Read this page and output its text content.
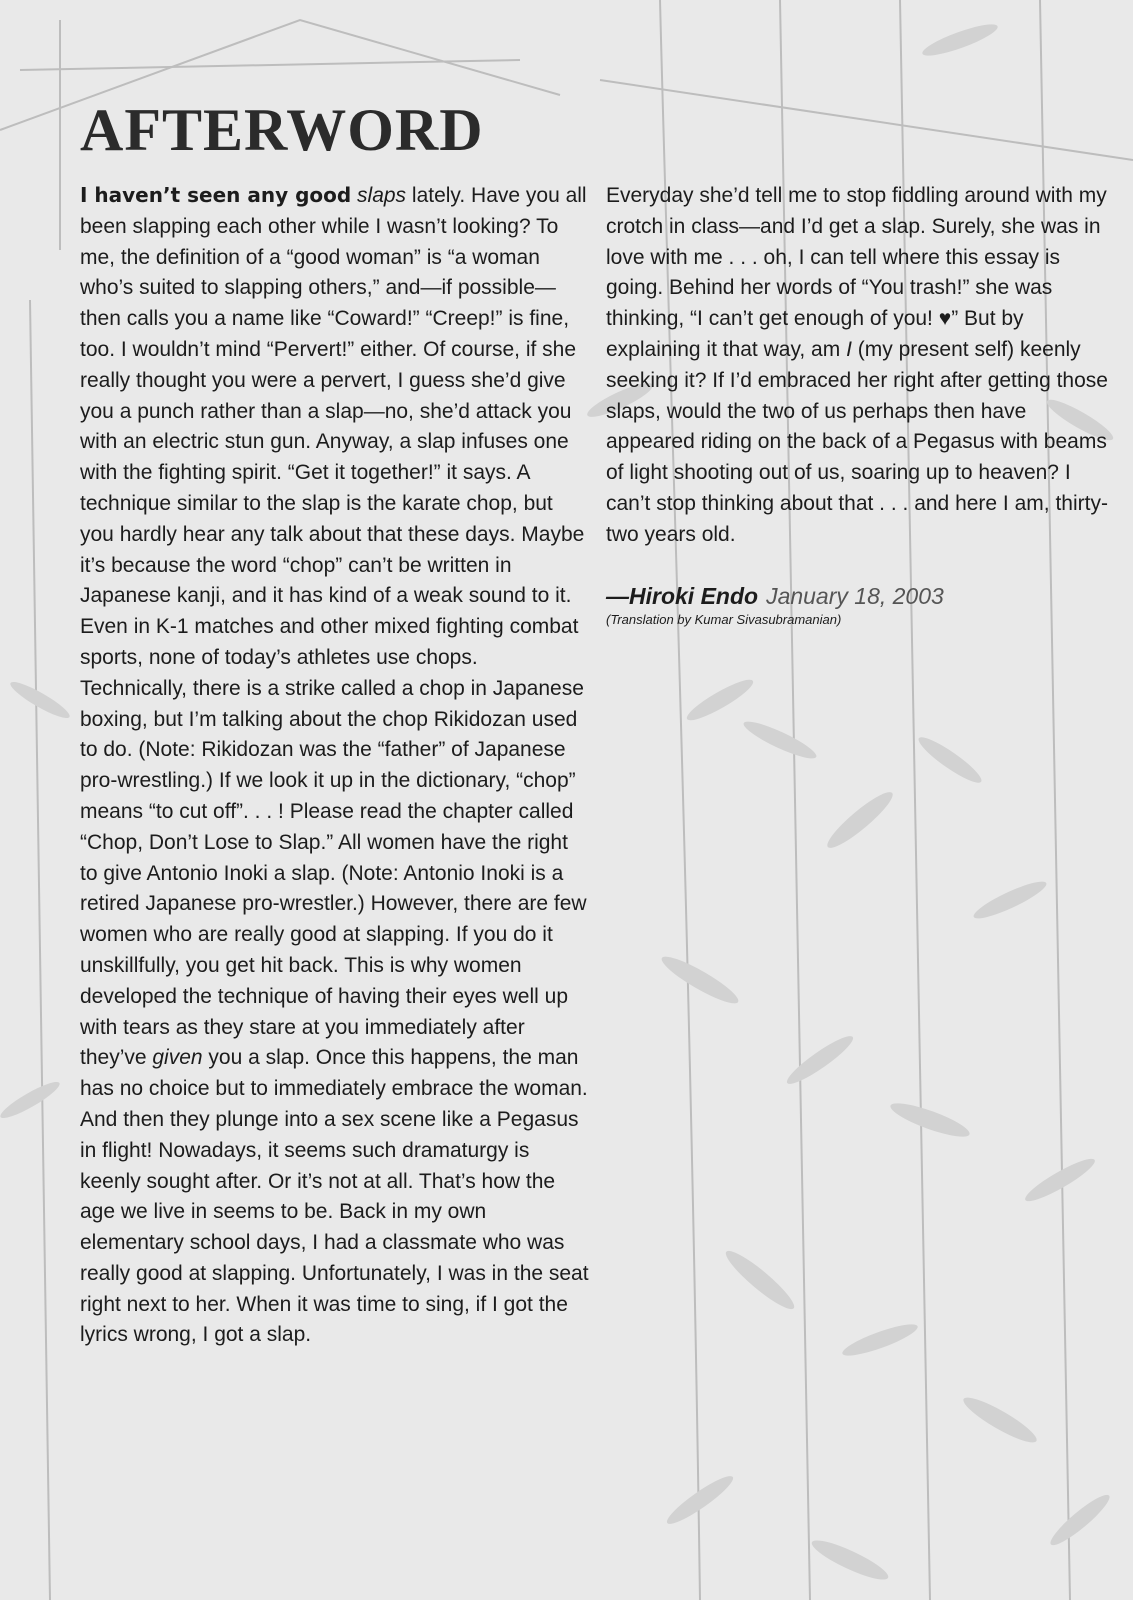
AFTERWORD

I haven’t seen any good slaps lately. Have you all been slapping each other while I wasn’t looking? To me, the definition of a “good woman” is “a woman who’s suited to slapping others,” and—if possible—then calls you a name like “Coward!” “Creep!” is fine, too. I wouldn’t mind “Pervert!” either. Of course, if she really thought you were a pervert, I guess she’d give you a punch rather than a slap—no, she’d attack you with an electric stun gun. Anyway, a slap infuses one with the fighting spirit. “Get it together!” it says. A technique similar to the slap is the karate chop, but you hardly hear any talk about that these days. Maybe it’s because the word “chop” can’t be written in Japanese kanji, and it has kind of a weak sound to it. Even in K-1 matches and other mixed fighting combat sports, none of today’s athletes use chops. Technically, there is a strike called a chop in Japanese boxing, but I’m talking about the chop Rikidozan used to do. (Note: Rikidozan was the “father” of Japanese pro-wrestling.) If we look it up in the dictionary, “chop” means “to cut off”. . . ! Please read the chapter called “Chop, Don’t Lose to Slap.” All women have the right to give Antonio Inoki a slap. (Note: Antonio Inoki is a retired Japanese pro-wrestler.) However, there are few women who are really good at slapping. If you do it unskillfully, you get hit back. This is why women developed the technique of having their eyes well up with tears as they stare at you immediately after they’ve given you a slap. Once this happens, the man has no choice but to immediately embrace the woman. And then they plunge into a sex scene like a Pegasus in flight! Nowadays, it seems such dramaturgy is keenly sought after. Or it’s not at all. That’s how the age we live in seems to be. Back in my own elementary school days, I had a classmate who was really good at slapping. Unfortunately, I was in the seat right next to her. When it was time to sing, if I got the lyrics wrong, I got a slap.

Everyday she’d tell me to stop fiddling around with my crotch in class—and I’d get a slap. Surely, she was in love with me . . . oh, I can tell where this essay is going. Behind her words of “You trash!” she was thinking, “I can’t get enough of you! ♥” But by explaining it that way, am I (my present self) keenly seeking it? If I’d embraced her right after getting those slaps, would the two of us perhaps then have appeared riding on the back of a Pegasus with beams of light shooting out of us, soaring up to heaven? I can’t stop thinking about that . . . and here I am, thirty-two years old.

—Hiroki Endo January 18, 2003

(Translation by Kumar Sivasubramanian)
